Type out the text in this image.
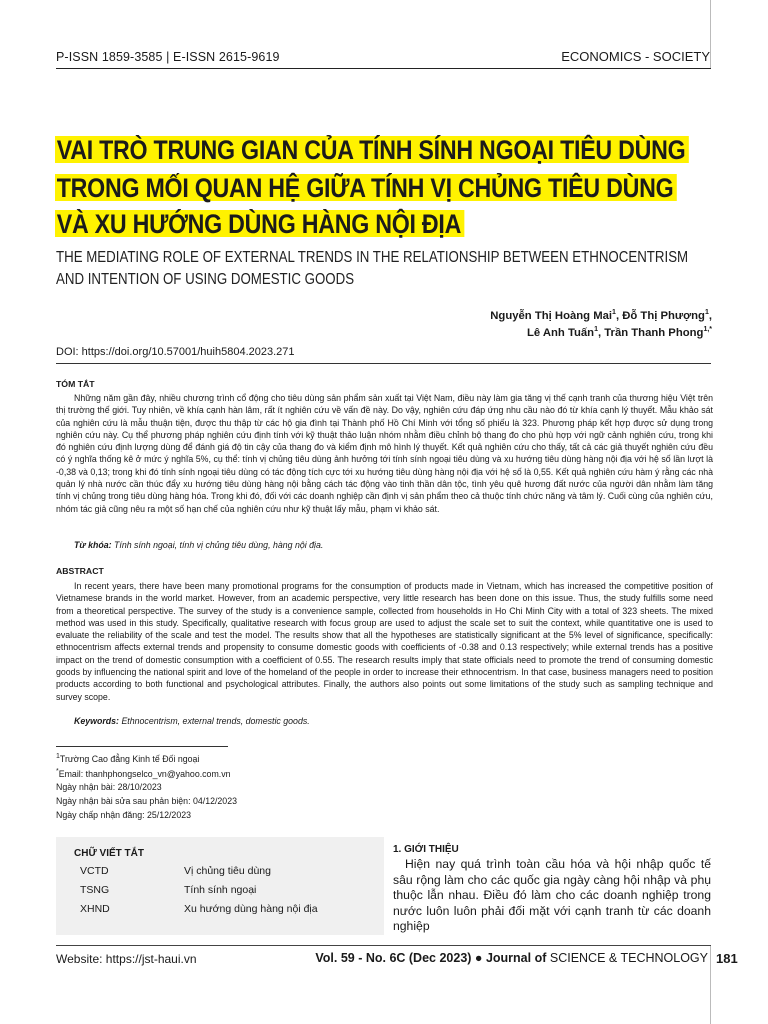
P-ISSN 1859-3585 | E-ISSN 2615-9619	ECONOMICS - SOCIETY
VAI TRÒ TRUNG GIAN CỦA TÍNH SÍNH NGOẠI TIÊU DÙNG
TRONG MỐI QUAN HỆ GIỮA TÍNH VỊ CHỦNG TIÊU DÙNG
VÀ XU HƯỚNG DÙNG HÀNG NỘI ĐỊA
THE MEDIATING ROLE OF EXTERNAL TRENDS IN THE RELATIONSHIP BETWEEN ETHNOCENTRISM
AND INTENTION OF USING DOMESTIC GOODS
Nguyễn Thị Hoàng Mai$^1$, Đỗ Thị Phượng$^1$,
Lê Anh Tuấn$^1$, Trần Thanh Phong$^{1,*}$
DOI: https://doi.org/10.57001/huih5804.2023.271
TÓM TẮT

Những năm gần đây, nhiều chương trình cổ động cho tiêu dùng sản phẩm sản xuất tại Việt Nam, điều này làm gia tăng vị thế cạnh tranh của thương hiệu Việt trên thị trường thế giới. Tuy nhiên, về khía cạnh hàn lâm, rất ít nghiên cứu về vấn đề này. Do vậy, nghiên cứu đáp ứng nhu cầu nào đó từ khía cạnh lý thuyết. Mẫu khảo sát của nghiên cứu là mẫu thuận tiện, được thu thập từ các hộ gia đình tại Thành phố Hồ Chí Minh với tổng số phiếu là 323. Phương pháp kết hợp được sử dụng trong nghiên cứu này. Cụ thể phương pháp nghiên cứu định tính với kỹ thuật thảo luận nhóm nhằm điều chỉnh bộ thang đo cho phù hợp với ngữ cảnh nghiên cứu, trong khi đó nghiên cứu định lượng dùng để đánh giá độ tin cậy của thang đo và kiểm định mô hình lý thuyết. Kết quả nghiên cứu cho thấy, tất cả các giả thuyết nghiên cứu đều có ý nghĩa thống kê ở mức ý nghĩa 5%, cụ thể: tính vị chủng tiêu dùng ảnh hưởng tới tính sính ngoại tiêu dùng và xu hướng tiêu dùng hàng nội địa với hệ số lần lượt là -0,38 và 0,13; trong khi đó tính sính ngoại tiêu dùng có tác động tích cực tới xu hướng tiêu dùng hàng nội địa với hệ số là 0,55. Kết quả nghiên cứu hàm ý rằng các nhà quản lý nhà nước cần thúc đẩy xu hướng tiêu dùng hàng nội bằng cách tác động vào tinh thần dân tộc, tình yêu quê hương đất nước của người dân nhằm làm tăng tính vị chủng trong tiêu dùng hàng hóa. Trong khi đó, đối với các doanh nghiệp cần định vị sản phẩm theo cả thuộc tính chức năng và tâm lý. Cuối cùng của nghiên cứu, nhóm tác giả cũng nêu ra một số hạn chế của nghiên cứu như kỹ thuật lấy mẫu, phạm vi khảo sát.

Từ khóa: Tính sính ngoại, tính vị chủng tiêu dùng, hàng nội địa.
ABSTRACT

In recent years, there have been many promotional programs for the consumption of products made in Vietnam, which has increased the competitive position of Vietnamese brands in the world market. However, from an academic perspective, very little research has been done on this issue. Thus, the study fulfills some need from a theoretical perspective. The survey of the study is a convenience sample, collected from households in Ho Chi Minh City with a total of 323 sheets. The mixed method was used in this study. Specifically, qualitative research with focus group are used to adjust the scale set to suit the context, while quantitative one is used to evaluate the reliability of the scale and test the model. The results show that all the hypotheses are statistically significant at the 5% level of significance, specifically: ethnocentrism affects external trends and propensity to consume domestic goods with coefficients of -0.38 and 0.13 respectively; while external trends has a positive impact on the trend of domestic consumption with a coefficient of 0.55. The research results imply that state officials need to promote the trend of consuming domestic goods by influencing the national spirit and love of the homeland of the people in order to increase their ethnocentrism. In that case, business managers need to position products according to both functional and psychological attributes. Finally, the authors also points out some limitations of the study such as sampling technique and survey scope.

Keywords: Ethnocentrism, external trends, domestic goods.
$^1$Trường Cao đẳng Kinh tế Đối ngoại
*Email: thanhphongselco_vn@yahoo.com.vn
Ngày nhận bài: 28/10/2023
Ngày nhận bài sửa sau phản biện: 04/12/2023
Ngày chấp nhận đăng: 25/12/2023
CHỮ VIẾT TẮT
VCTD	Vị chủng tiêu dùng
TSNG	Tính sính ngoại
XHND	Xu hướng dùng hàng nội địa
1. GIỚI THIỆU

Hiện nay quá trình toàn cầu hóa và hội nhập quốc tế sâu rộng làm cho các quốc gia ngày càng hội nhập và phụ thuộc lẫn nhau. Điều đó làm cho các doanh nghiệp trong nước luôn luôn phải đối mặt với cạnh tranh từ các doanh nghiệp

Website: https://jst-haui.vn	Vol. 59 - No. 6C (Dec 2023) ● Journal of SCIENCE & TECHNOLOGY 181
